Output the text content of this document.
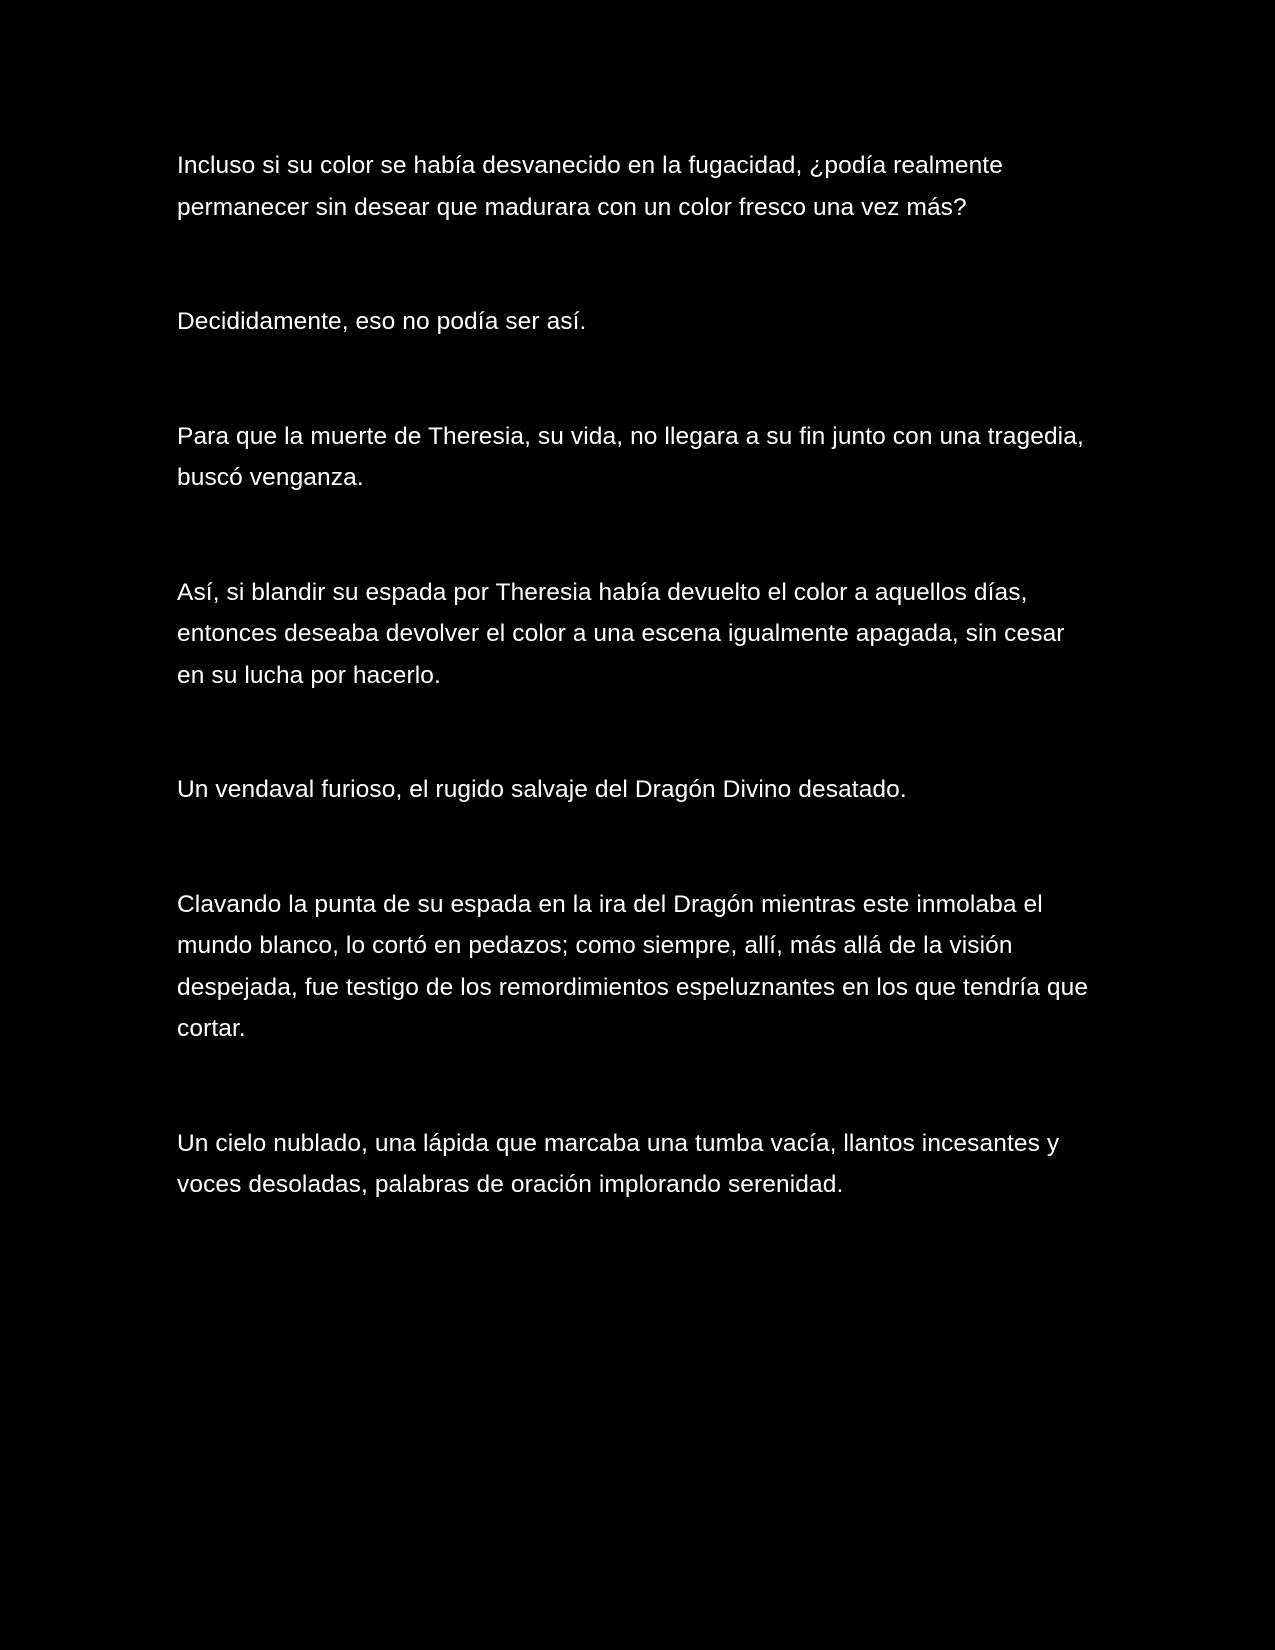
Incluso si su color se había desvanecido en la fugacidad, ¿podía realmente permanecer sin desear que madurara con un color fresco una vez más?

Decididamente, eso no podía ser así.

Para que la muerte de Theresia, su vida, no llegara a su fin junto con una tragedia, buscó venganza.

Así, si blandir su espada por Theresia había devuelto el color a aquellos días, entonces deseaba devolver el color a una escena igualmente apagada, sin cesar en su lucha por hacerlo.

Un vendaval furioso, el rugido salvaje del Dragón Divino desatado.

Clavando la punta de su espada en la ira del Dragón mientras este inmolaba el mundo blanco, lo cortó en pedazos; como siempre, allí, más allá de la visión despejada, fue testigo de los remordimientos espeluznantes en los que tendría que cortar.

Un cielo nublado, una lápida que marcaba una tumba vacía, llantos incesantes y voces desoladas, palabras de oración implorando serenidad.
